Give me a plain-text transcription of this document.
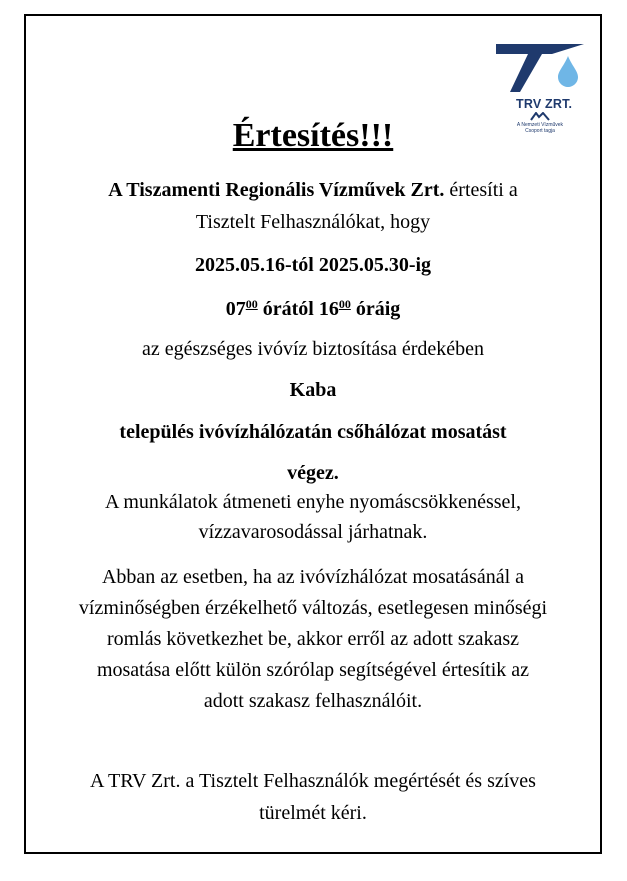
TRV ZRT.
A Nemzeti Vízművek
Csoport tagja
Értesítés!!!
A Tiszamenti Regionális Vízművek Zrt. értesíti a
Tisztelt Felhasználókat, hogy
2025.05.16-tól 2025.05.30-ig
$07^{00}$ órától $16^{00}$ óráig
az egészséges ivóvíz biztosítása érdekében
Kaba
település ivóvízhálózatán csőhálózat mosatást
végez.
A munkálatok átmeneti enyhe nyomáscsökkenéssel,
vízzavarosodással járhatnak.
Abban az esetben, ha az ivóvízhálózat mosatásánál a
vízminőségben érzékelhető változás, esetlegesen minőségi
romlás következhet be, akkor erről az adott szakasz
mosatása előtt külön szórólap segítségével értesítik az
adott szakasz felhasználóit.
A TRV Zrt. a Tisztelt Felhasználók megértését és szíves
türelmét kéri.
